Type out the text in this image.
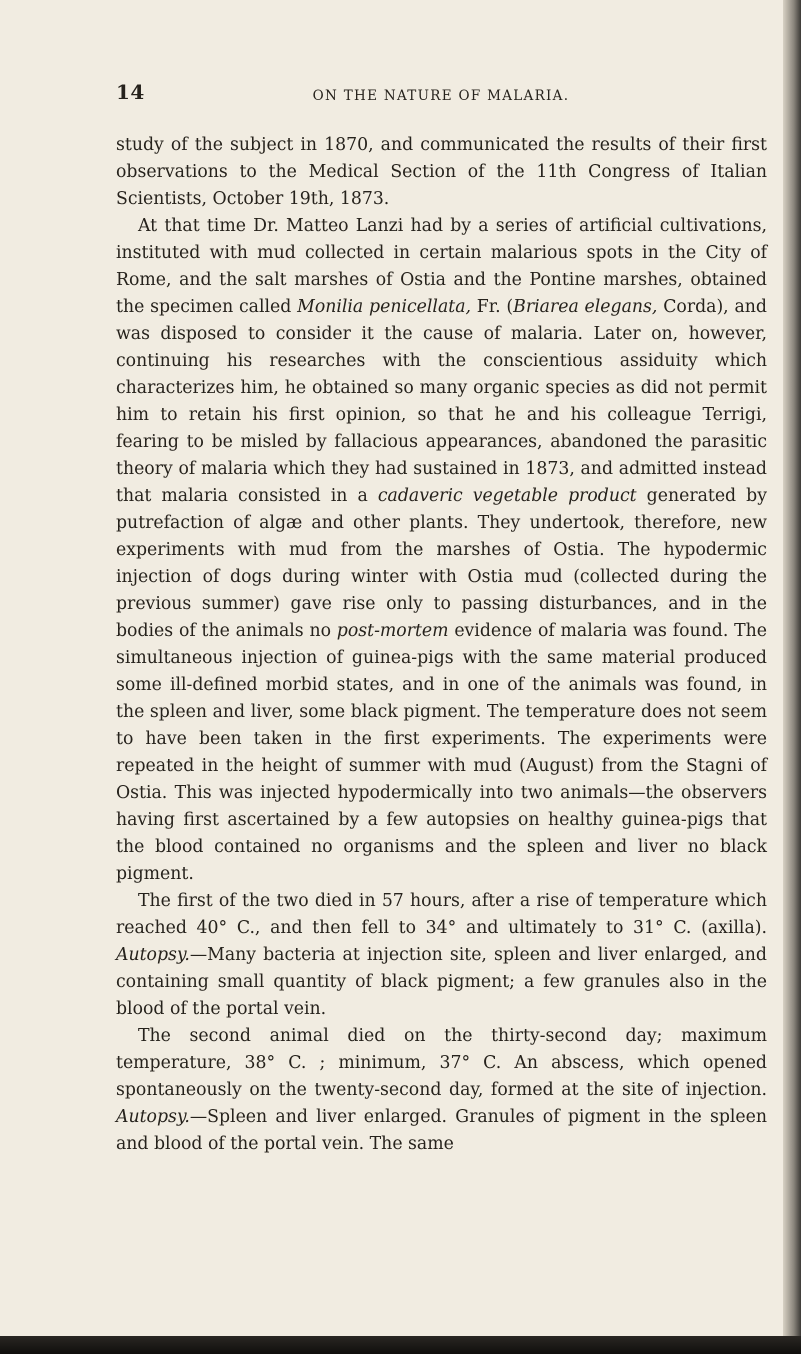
14	ON THE NATURE OF MALARIA.

study of the subject in 1870, and communicated the results of their first observations to the Medical Section of the 11th Congress of Italian Scientists, October 19th, 1873.

At that time Dr. Matteo Lanzi had by a series of artificial cultivations, instituted with mud collected in certain malarious spots in the City of Rome, and the salt marshes of Ostia and the Pontine marshes, obtained the specimen called Monilia penicellata, Fr. (Briarea elegans, Corda), and was disposed to consider it the cause of malaria. Later on, however, continuing his researches with the conscientious assiduity which characterizes him, he obtained so many organic species as did not permit him to retain his first opinion, so that he and his colleague Terrigi, fearing to be misled by fallacious appearances, abandoned the parasitic theory of malaria which they had sustained in 1873, and admitted instead that malaria consisted in a cadaveric vegetable product generated by putrefaction of algæ and other plants. They undertook, therefore, new experiments with mud from the marshes of Ostia. The hypodermic injection of dogs during winter with Ostia mud (collected during the previous summer) gave rise only to passing disturbances, and in the bodies of the animals no post-mortem evidence of malaria was found. The simultaneous injection of guinea-pigs with the same material produced some ill-defined morbid states, and in one of the animals was found, in the spleen and liver, some black pigment. The temperature does not seem to have been taken in the first experiments. The experiments were repeated in the height of summer with mud (August) from the Stagni of Ostia. This was injected hypodermically into two animals—the observers having first ascertained by a few autopsies on healthy guinea-pigs that the blood contained no organisms and the spleen and liver no black pigment.

The first of the two died in 57 hours, after a rise of temperature which reached 40° C., and then fell to 34° and ultimately to 31° C. (axilla). Autopsy.—Many bacteria at injection site, spleen and liver enlarged, and containing small quantity of black pigment; a few granules also in the blood of the portal vein.

The second animal died on the thirty-second day; maximum temperature, 38° C. ; minimum, 37° C. An abscess, which opened spontaneously on the twenty-second day, formed at the site of injection. Autopsy.—Spleen and liver enlarged. Granules of pigment in the spleen and blood of the portal vein. The same
